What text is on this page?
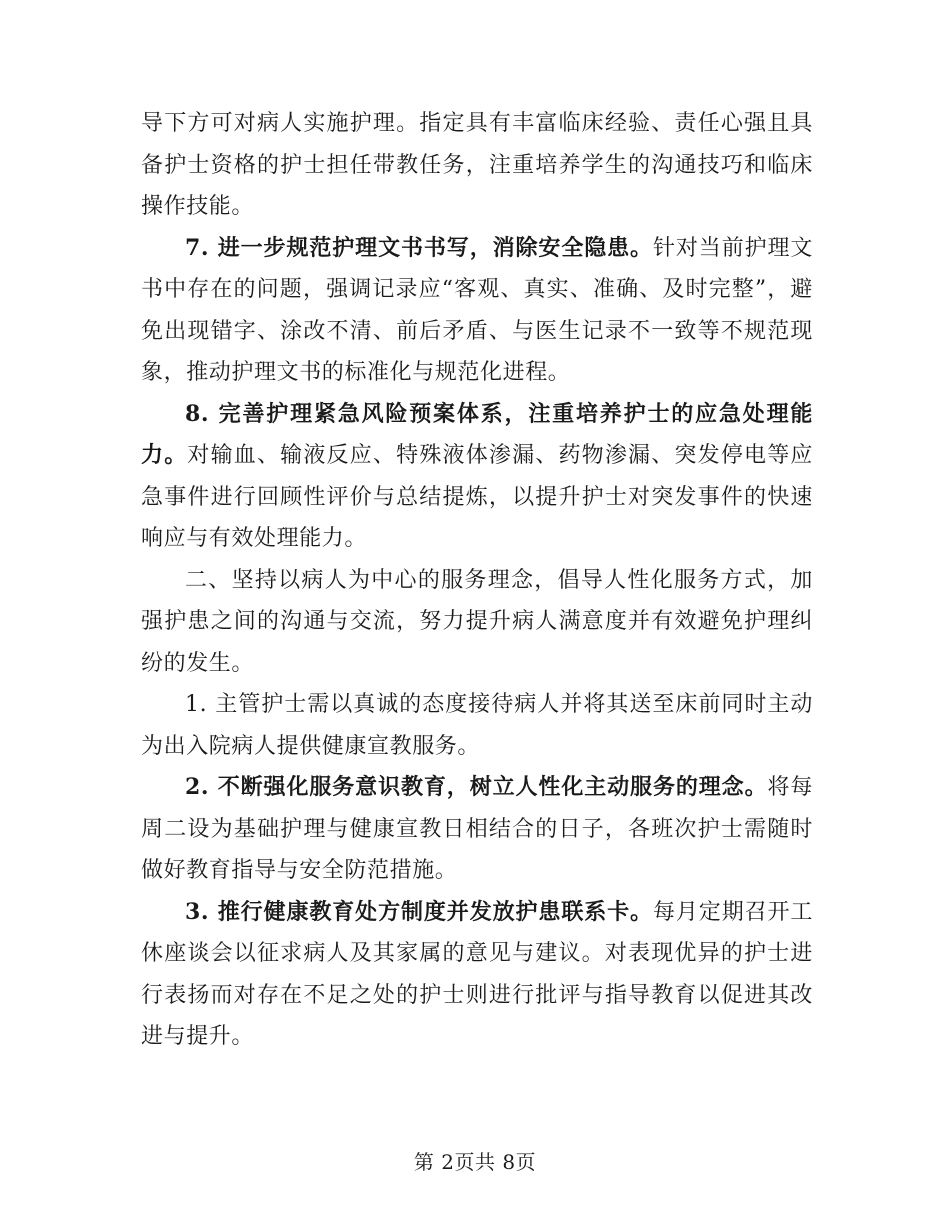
导下方可对病人实施护理。指定具有丰富临床经验、责任心强且具备护士资格的护士担任带教任务，注重培养学生的沟通技巧和临床操作技能。

7. 进一步规范护理文书书写，消除安全隐患。针对当前护理文书中存在的问题，强调记录应“客观、真实、准确、及时完整”，避免出现错字、涂改不清、前后矛盾、与医生记录不一致等不规范现象，推动护理文书的标准化与规范化进程。

8. 完善护理紧急风险预案体系，注重培养护士的应急处理能力。对输血、输液反应、特殊液体渗漏、药物渗漏、突发停电等应急事件进行回顾性评价与总结提炼，以提升护士对突发事件的快速响应与有效处理能力。

二、坚持以病人为中心的服务理念，倡导人性化服务方式，加强护患之间的沟通与交流，努力提升病人满意度并有效避免护理纠纷的发生。

1. 主管护士需以真诚的态度接待病人并将其送至床前同时主动为出入院病人提供健康宣教服务。

2. 不断强化服务意识教育，树立人性化主动服务的理念。将每周二设为基础护理与健康宣教日相结合的日子，各班次护士需随时做好教育指导与安全防范措施。

3. 推行健康教育处方制度并发放护患联系卡。每月定期召开工休座谈会以征求病人及其家属的意见与建议。对表现优异的护士进行表扬而对存在不足之处的护士则进行批评与指导教育以促进其改进与提升。

第 2页共 8页
